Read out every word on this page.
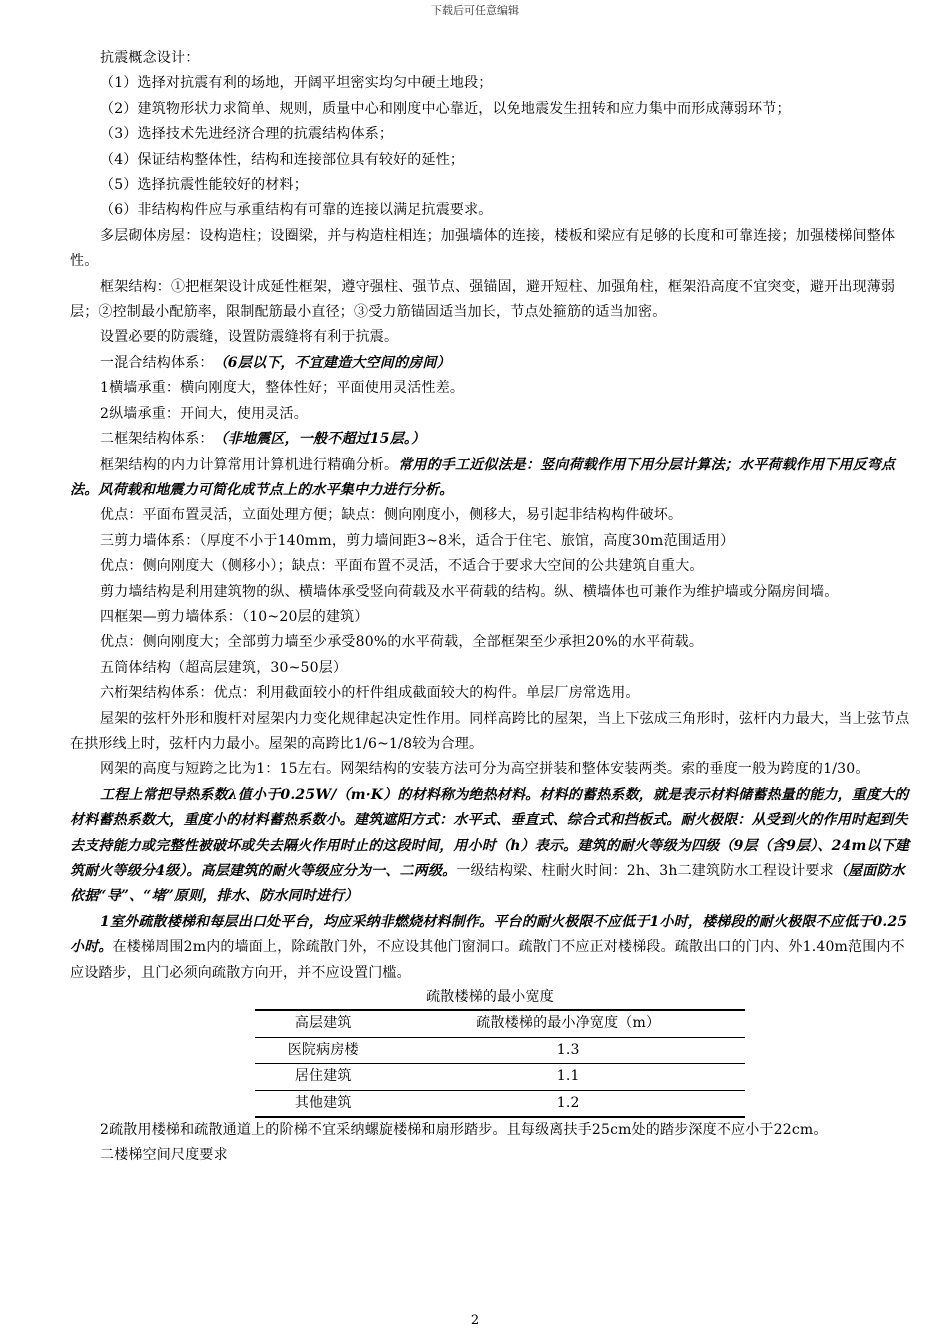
下载后可任意编辑

抗震概念设计：

（1）选择对抗震有利的场地，开阔平坦密实均匀中硬土地段；

（2）建筑物形状力求简单、规则，质量中心和刚度中心靠近，以免地震发生扭转和应力集中而形成薄弱环节；

（3）选择技术先进经济合理的抗震结构体系；

（4）保证结构整体性，结构和连接部位具有较好的延性；

（5）选择抗震性能较好的材料；

（6）非结构构件应与承重结构有可靠的连接以满足抗震要求。

多层砌体房屋：设构造柱；设圈梁，并与构造柱相连；加强墙体的连接，楼板和梁应有足够的长度和可靠连接；加强楼梯间整体性。

框架结构：①把框架设计成延性框架，遵守强柱、强节点、强锚固，避开短柱、加强角柱，框架沿高度不宜突变，避开出现薄弱层；②控制最小配筋率，限制配筋最小直径；③受力筋锚固适当加长，节点处箍筋的适当加密。

设置必要的防震缝，设置防震缝将有利于抗震。

一混合结构体系：（6层以下，不宜建造大空间的房间）

1横墙承重：横向刚度大，整体性好；平面使用灵活性差。

2纵墙承重：开间大，使用灵活。

二框架结构体系：（非地震区，一般不超过15层。）

框架结构的内力计算常用计算机进行精确分析。常用的手工近似法是：竖向荷载作用下用分层计算法；水平荷载作用下用反弯点法。风荷载和地震力可简化成节点上的水平集中力进行分析。

优点：平面布置灵活，立面处理方便；缺点：侧向刚度小，侧移大，易引起非结构构件破坏。

三剪力墙体系：（厚度不小于140mm，剪力墙间距3~8米，适合于住宅、旅馆，高度30m范围适用）

优点：侧向刚度大（侧移小）；缺点：平面布置不灵活，不适合于要求大空间的公共建筑自重大。

剪力墙结构是利用建筑物的纵、横墙体承受竖向荷载及水平荷载的结构。纵、横墙体也可兼作为维护墙或分隔房间墙。

四框架—剪力墙体系：（10~20层的建筑）

优点：侧向刚度大；全部剪力墙至少承受80%的水平荷载，全部框架至少承担20%的水平荷载。

五筒体结构（超高层建筑，30~50层）

六桁架结构体系：优点：利用截面较小的杆件组成截面较大的构件。单层厂房常选用。

屋架的弦杆外形和腹杆对屋架内力变化规律起决定性作用。同样高跨比的屋架，当上下弦成三角形时，弦杆内力最大，当上弦节点在拱形线上时，弦杆内力最小。屋架的高跨比1/6~1/8较为合理。

网架的高度与短跨之比为1：15左右。网架结构的安装方法可分为高空拼装和整体安装两类。索的垂度一般为跨度的1/30。

工程上常把导热系数λ值小于0.25W/（m·K）的材料称为绝热材料。材料的蓄热系数，就是表示材料储蓄热量的能力，重度大的材料蓄热系数大，重度小的材料蓄热系数小。建筑遮阳方式：水平式、垂直式、综合式和挡板式。耐火极限：从受到火的作用时起到失去支持能力或完整性被破坏或失去隔火作用时止的这段时间，用小时（h）表示。建筑的耐火等级为四级（9层（含9层）、24m以下建筑耐火等级分4级）。高层建筑的耐火等级应分为一、二两级。一级结构梁、柱耐火时间：2h、3h二建筑防水工程设计要求（屋面防水依据“导”、“堵”原则，排水、防水同时进行）

1室外疏散楼梯和每层出口处平台，均应采纳非燃烧材料制作。平台的耐火极限不应低于1小时，楼梯段的耐火极限不应低于0.25小时。在楼梯周围2m内的墙面上，除疏散门外，不应设其他门窗洞口。疏散门不应正对楼梯段。疏散出口的门内、外1.40m范围内不应设踏步，且门必须向疏散方向开，并不应设置门槛。

疏散楼梯的最小宽度

高层建筑	疏散楼梯的最小净宽度（m）
医院病房楼	1.3
居住建筑	1.1
其他建筑	1.2

2疏散用楼梯和疏散通道上的阶梯不宜采纳螺旋楼梯和扇形踏步。且每级离扶手25cm处的踏步深度不应小于22cm。

二楼梯空间尺度要求

2
